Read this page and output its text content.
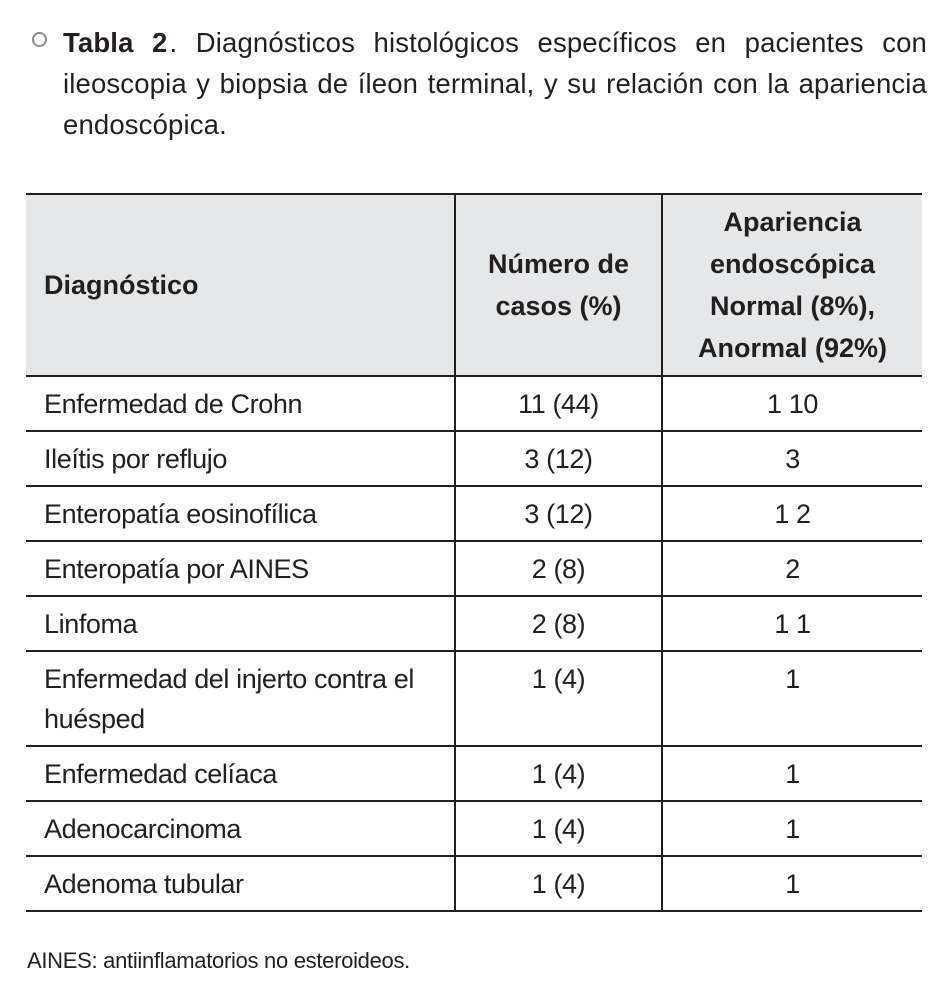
Tabla 2. Diagnósticos histológicos específicos en pacientes con ileoscopia y biopsia de íleon terminal, y su relación con la apariencia endoscópica.
Diagnóstico	Número de casos (%)	Apariencia endoscópica Normal (8%), Anormal (92%)
Enfermedad de Crohn	11 (44)	1 10
Ileítis por reflujo	3 (12)	3
Enteropatía eosinofílica	3 (12)	1 2
Enteropatía por AINES	2 (8)	2
Linfoma	2 (8)	1 1
Enfermedad del injerto contra el huésped	1 (4)	1
Enfermedad celíaca	1 (4)	1
Adenocarcinoma	1 (4)	1
Adenoma tubular	1 (4)	1
AINES: antiinflamatorios no esteroideos.
